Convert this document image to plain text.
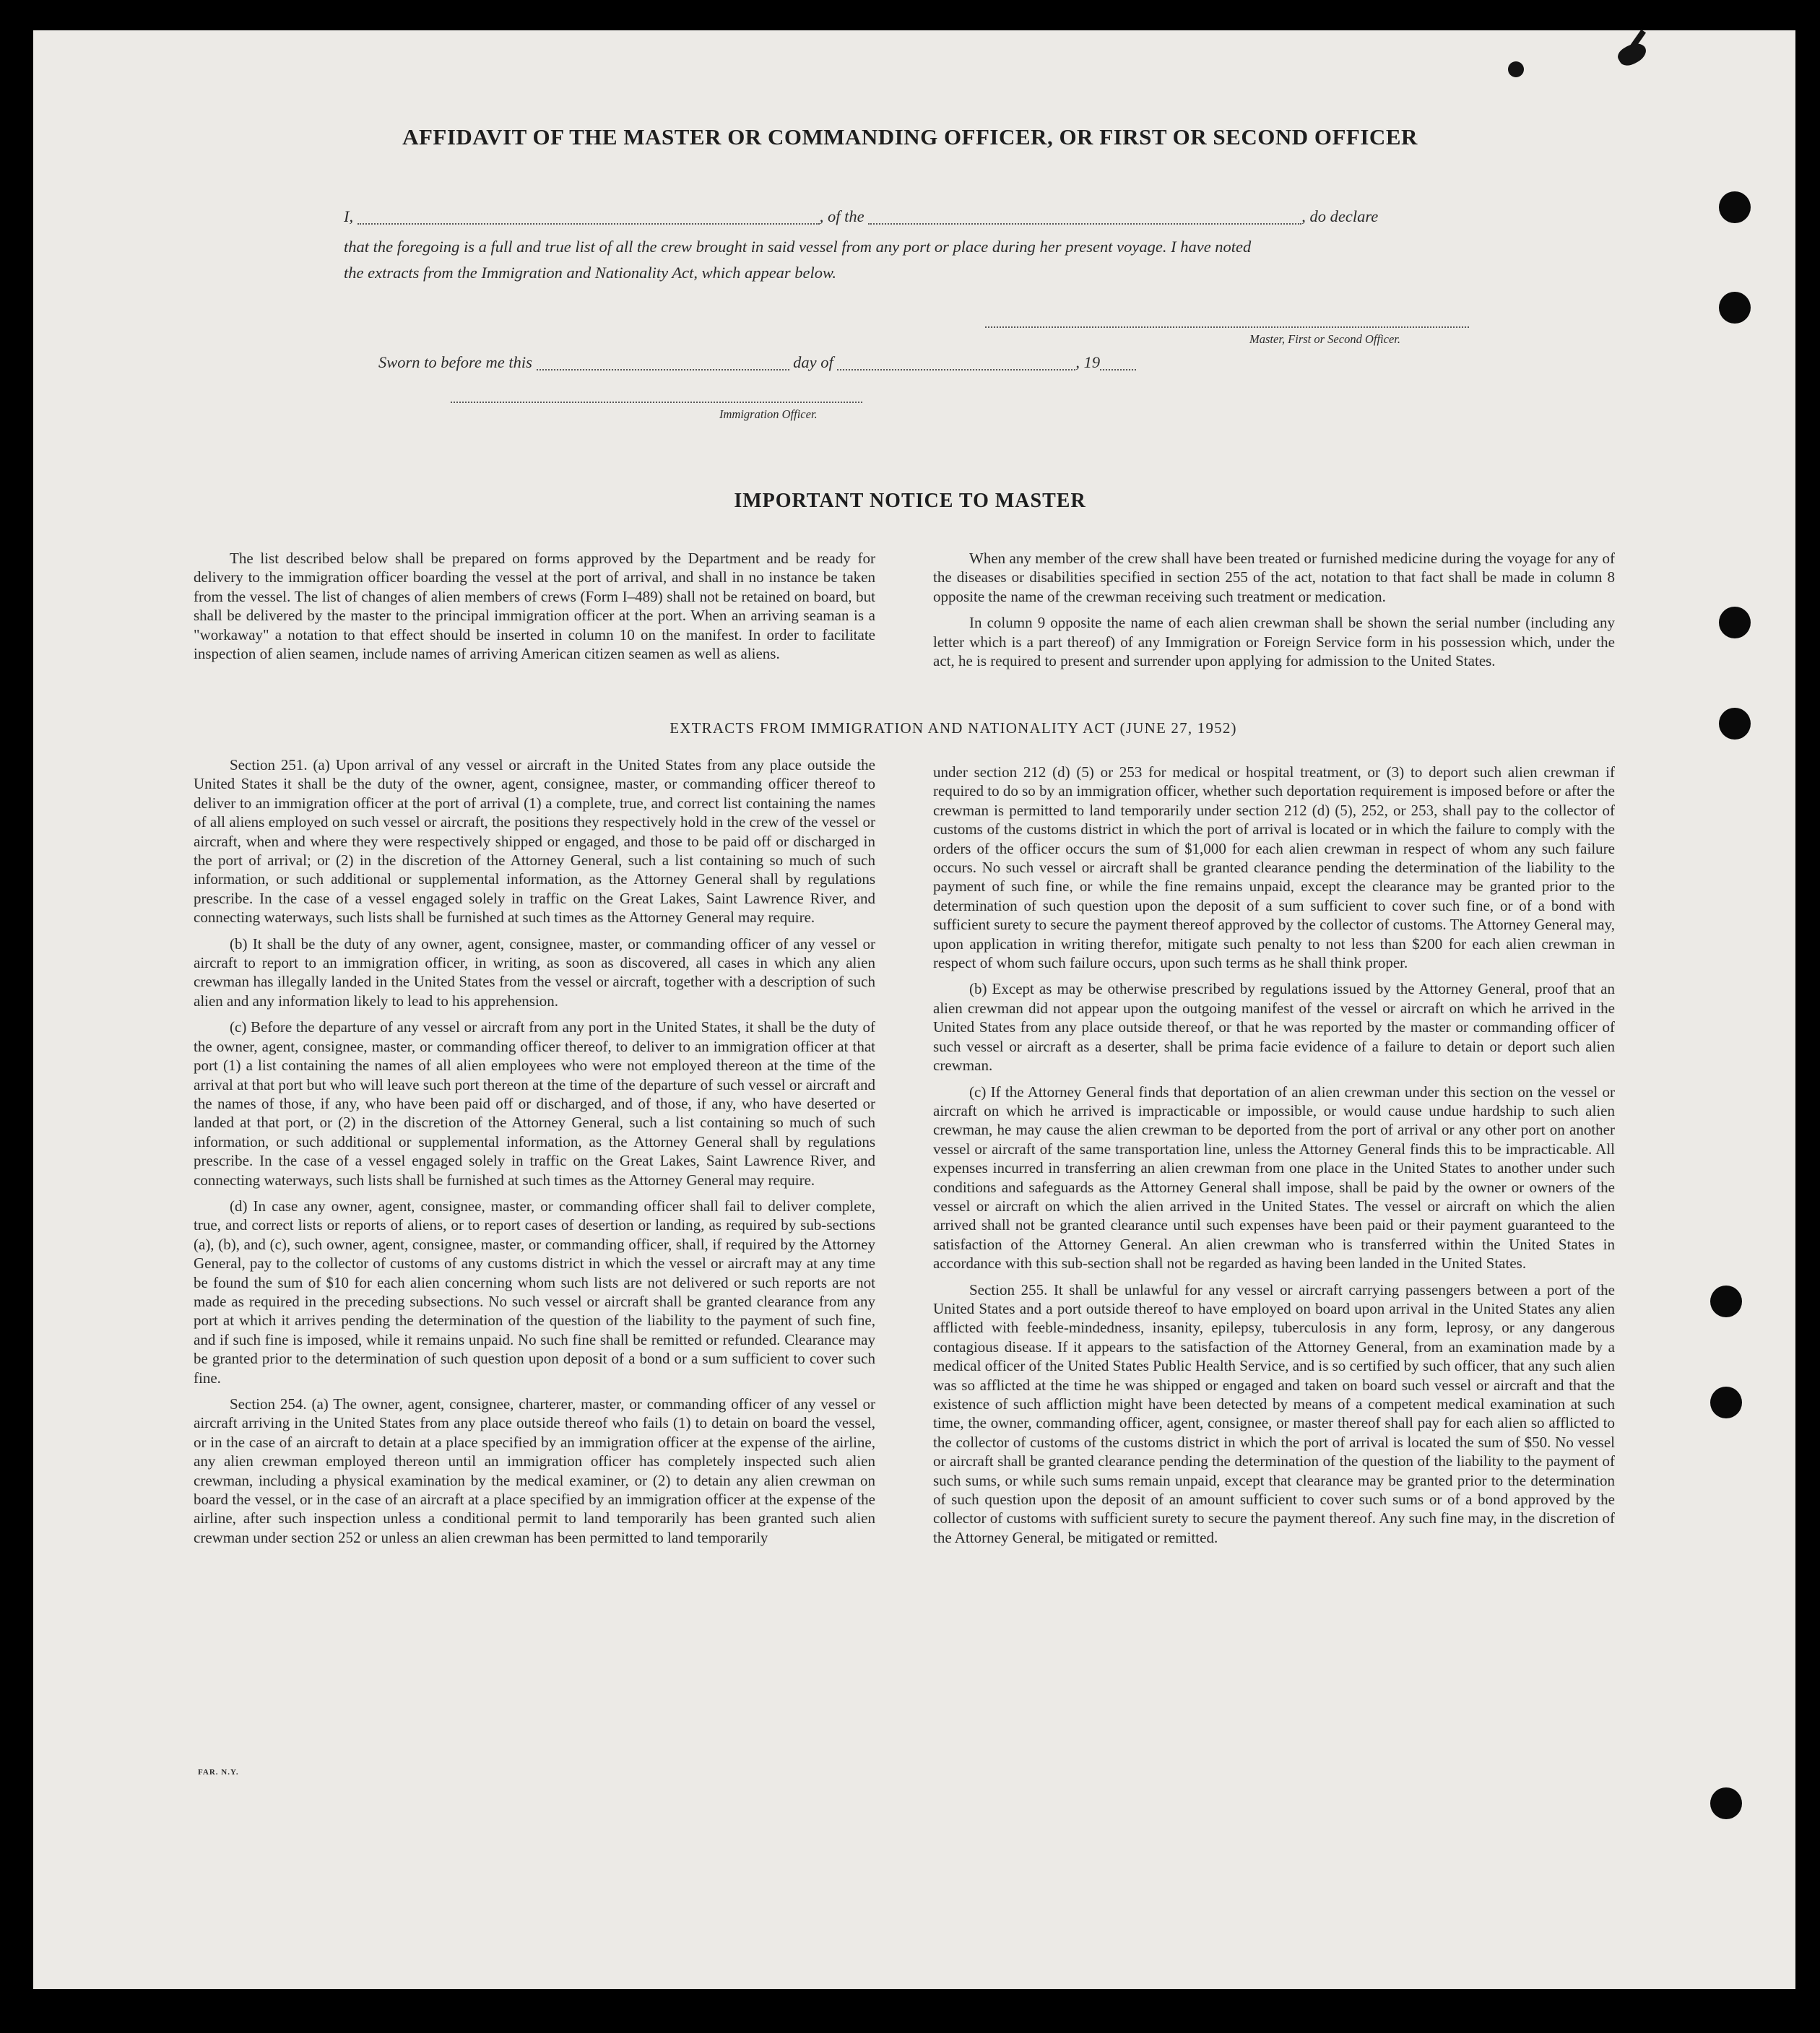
AFFIDAVIT OF THE MASTER OR COMMANDING OFFICER, OR FIRST OR SECOND OFFICER
I,	, of the	, do declare
that the foregoing is a full and true list of all the crew brought in said vessel from any port or place during her present voyage. I have noted
the extracts from the Immigration and Nationality Act, which appear below.
Master, First or Second Officer.
Sworn to before me this	day of	, 19
Immigration Officer.
IMPORTANT NOTICE TO MASTER

The list described below shall be prepared on forms approved by the Department and be ready for delivery to the immigration officer boarding the vessel at the port of arrival, and shall in no instance be taken from the vessel. The list of changes of alien members of crews (Form I–489) shall not be retained on board, but shall be delivered by the master to the principal immigration officer at the port. When an arriving seaman is a "workaway" a notation to that effect should be inserted in column 10 on the manifest. In order to facilitate inspection of alien seamen, include names of arriving American citizen seamen as well as aliens.

When any member of the crew shall have been treated or furnished medicine during the voyage for any of the diseases or disabilities specified in section 255 of the act, notation to that fact shall be made in column 8 opposite the name of the crewman receiving such treatment or medication.

In column 9 opposite the name of each alien crewman shall be shown the serial number (including any letter which is a part thereof) of any Immigration or Foreign Service form in his possession which, under the act, he is required to present and surrender upon applying for admission to the United States.

EXTRACTS FROM IMMIGRATION AND NATIONALITY ACT (JUNE 27, 1952)

Section 251. (a) Upon arrival of any vessel or aircraft in the United States from any place outside the United States it shall be the duty of the owner, agent, consignee, master, or commanding officer thereof to deliver to an immigration officer at the port of arrival (1) a complete, true, and correct list containing the names of all aliens employed on such vessel or aircraft, the positions they respectively hold in the crew of the vessel or aircraft, when and where they were respectively shipped or engaged, and those to be paid off or discharged in the port of arrival; or (2) in the discretion of the Attorney General, such a list containing so much of such information, or such additional or supplemental information, as the Attorney General shall by regulations prescribe. In the case of a vessel engaged solely in traffic on the Great Lakes, Saint Lawrence River, and connecting waterways, such lists shall be furnished at such times as the Attorney General may require.

(b) It shall be the duty of any owner, agent, consignee, master, or commanding officer of any vessel or aircraft to report to an immigration officer, in writing, as soon as discovered, all cases in which any alien crewman has illegally landed in the United States from the vessel or aircraft, together with a description of such alien and any information likely to lead to his apprehension.

(c) Before the departure of any vessel or aircraft from any port in the United States, it shall be the duty of the owner, agent, consignee, master, or commanding officer thereof, to deliver to an immigration officer at that port (1) a list containing the names of all alien employees who were not employed thereon at the time of the arrival at that port but who will leave such port thereon at the time of the departure of such vessel or aircraft and the names of those, if any, who have been paid off or discharged, and of those, if any, who have deserted or landed at that port, or (2) in the discretion of the Attorney General, such a list containing so much of such information, or such additional or supplemental information, as the Attorney General shall by regulations prescribe. In the case of a vessel engaged solely in traffic on the Great Lakes, Saint Lawrence River, and connecting waterways, such lists shall be furnished at such times as the Attorney General may require.

(d) In case any owner, agent, consignee, master, or commanding officer shall fail to deliver complete, true, and correct lists or reports of aliens, or to report cases of desertion or landing, as required by sub-sections (a), (b), and (c), such owner, agent, consignee, master, or commanding officer, shall, if required by the Attorney General, pay to the collector of customs of any customs district in which the vessel or aircraft may at any time be found the sum of $10 for each alien concerning whom such lists are not delivered or such reports are not made as required in the preceding subsections. No such vessel or aircraft shall be granted clearance from any port at which it arrives pending the determination of the question of the liability to the payment of such fine, and if such fine is imposed, while it remains unpaid. No such fine shall be remitted or refunded. Clearance may be granted prior to the determination of such question upon deposit of a bond or a sum sufficient to cover such fine.

Section 254. (a) The owner, agent, consignee, charterer, master, or commanding officer of any vessel or aircraft arriving in the United States from any place outside thereof who fails (1) to detain on board the vessel, or in the case of an aircraft to detain at a place specified by an immigration officer at the expense of the airline, any alien crewman employed thereon until an immigration officer has completely inspected such alien crewman, including a physical examination by the medical examiner, or (2) to detain any alien crewman on board the vessel, or in the case of an aircraft at a place specified by an immigration officer at the expense of the airline, after such inspection unless a conditional permit to land temporarily has been granted such alien crewman under section 252 or unless an alien crewman has been permitted to land temporarily

under section 212 (d) (5) or 253 for medical or hospital treatment, or (3) to deport such alien crewman if required to do so by an immigration officer, whether such deportation requirement is imposed before or after the crewman is permitted to land temporarily under section 212 (d) (5), 252, or 253, shall pay to the collector of customs of the customs district in which the port of arrival is located or in which the failure to comply with the orders of the officer occurs the sum of $1,000 for each alien crewman in respect of whom any such failure occurs. No such vessel or aircraft shall be granted clearance pending the determination of the liability to the payment of such fine, or while the fine remains unpaid, except the clearance may be granted prior to the determination of such question upon the deposit of a sum sufficient to cover such fine, or of a bond with sufficient surety to secure the payment thereof approved by the collector of customs. The Attorney General may, upon application in writing therefor, mitigate such penalty to not less than $200 for each alien crewman in respect of whom such failure occurs, upon such terms as he shall think proper.

(b) Except as may be otherwise prescribed by regulations issued by the Attorney General, proof that an alien crewman did not appear upon the outgoing manifest of the vessel or aircraft on which he arrived in the United States from any place outside thereof, or that he was reported by the master or commanding officer of such vessel or aircraft as a deserter, shall be prima facie evidence of a failure to detain or deport such alien crewman.

(c) If the Attorney General finds that deportation of an alien crewman under this section on the vessel or aircraft on which he arrived is impracticable or impossible, or would cause undue hardship to such alien crewman, he may cause the alien crewman to be deported from the port of arrival or any other port on another vessel or aircraft of the same transportation line, unless the Attorney General finds this to be impracticable. All expenses incurred in transferring an alien crewman from one place in the United States to another under such conditions and safeguards as the Attorney General shall impose, shall be paid by the owner or owners of the vessel or aircraft on which the alien arrived in the United States. The vessel or aircraft on which the alien arrived shall not be granted clearance until such expenses have been paid or their payment guaranteed to the satisfaction of the Attorney General. An alien crewman who is transferred within the United States in accordance with this sub-section shall not be regarded as having been landed in the United States.

Section 255. It shall be unlawful for any vessel or aircraft carrying passengers between a port of the United States and a port outside thereof to have employed on board upon arrival in the United States any alien afflicted with feeble-mindedness, insanity, epilepsy, tuberculosis in any form, leprosy, or any dangerous contagious disease. If it appears to the satisfaction of the Attorney General, from an examination made by a medical officer of the United States Public Health Service, and is so certified by such officer, that any such alien was so afflicted at the time he was shipped or engaged and taken on board such vessel or aircraft and that the existence of such affliction might have been detected by means of a competent medical examination at such time, the owner, commanding officer, agent, consignee, or master thereof shall pay for each alien so afflicted to the collector of customs of the customs district in which the port of arrival is located the sum of $50. No vessel or aircraft shall be granted clearance pending the determination of the question of the liability to the payment of such sums, or while such sums remain unpaid, except that clearance may be granted prior to the determination of such question upon the deposit of an amount sufficient to cover such sums or of a bond approved by the collector of customs with sufficient surety to secure the payment thereof. Any such fine may, in the discretion of the Attorney General, be mitigated or remitted.

FAR. N.Y.
